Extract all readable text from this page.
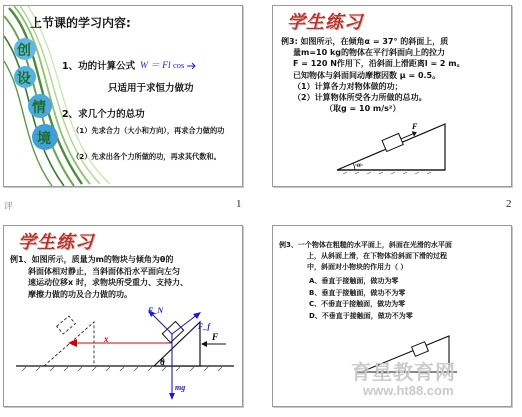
上节课的学习内容:
创
设
情
境
1、功的计算公式 W ＝ Fl cos
只适用于求恒力做功
2、求几个力的总功
（1）先求合力（大小和方向），再求合力做的功
（2）先求出各个力所做的功，再求其代数和。
评	1
学生练习
例3: 如图所示，在倾角α = 37° 的斜面上，质
量m=10 kg的物体在平行斜面向上的拉力
F = 120 N作用下，沿斜面上滑距离l = 2 m。
已知物体与斜面间动摩擦因数 μ = 0.5。
（1）计算各力对物体做的功；
（2）计算物体所受各力所做的总功。
（取g = 10 m/s²）
F
α
2
学生练习
例1、如图所示，质量为m的物块与倾角为θ的
斜面体相对静止，当斜面体沿水平面向左匀
速运动位移x 时，求物块所受重力、支持力、
摩擦力做的功及合力做的功。
F_N
F_f
x
θ
mg
F
例3、一个物体在粗糙的水平面上，斜面在光滑的水平面
上，从斜面上滑，在下物体沿斜面下滑的过程
中，斜面对小物块的作用力（ ）
A、垂直于接触面，做功为零
B、垂直于接触面，做功不为零
C、不垂直于接触面，做功为零
D、不垂直于接触面，做功不为零
育星教育网
www.ht88.com
